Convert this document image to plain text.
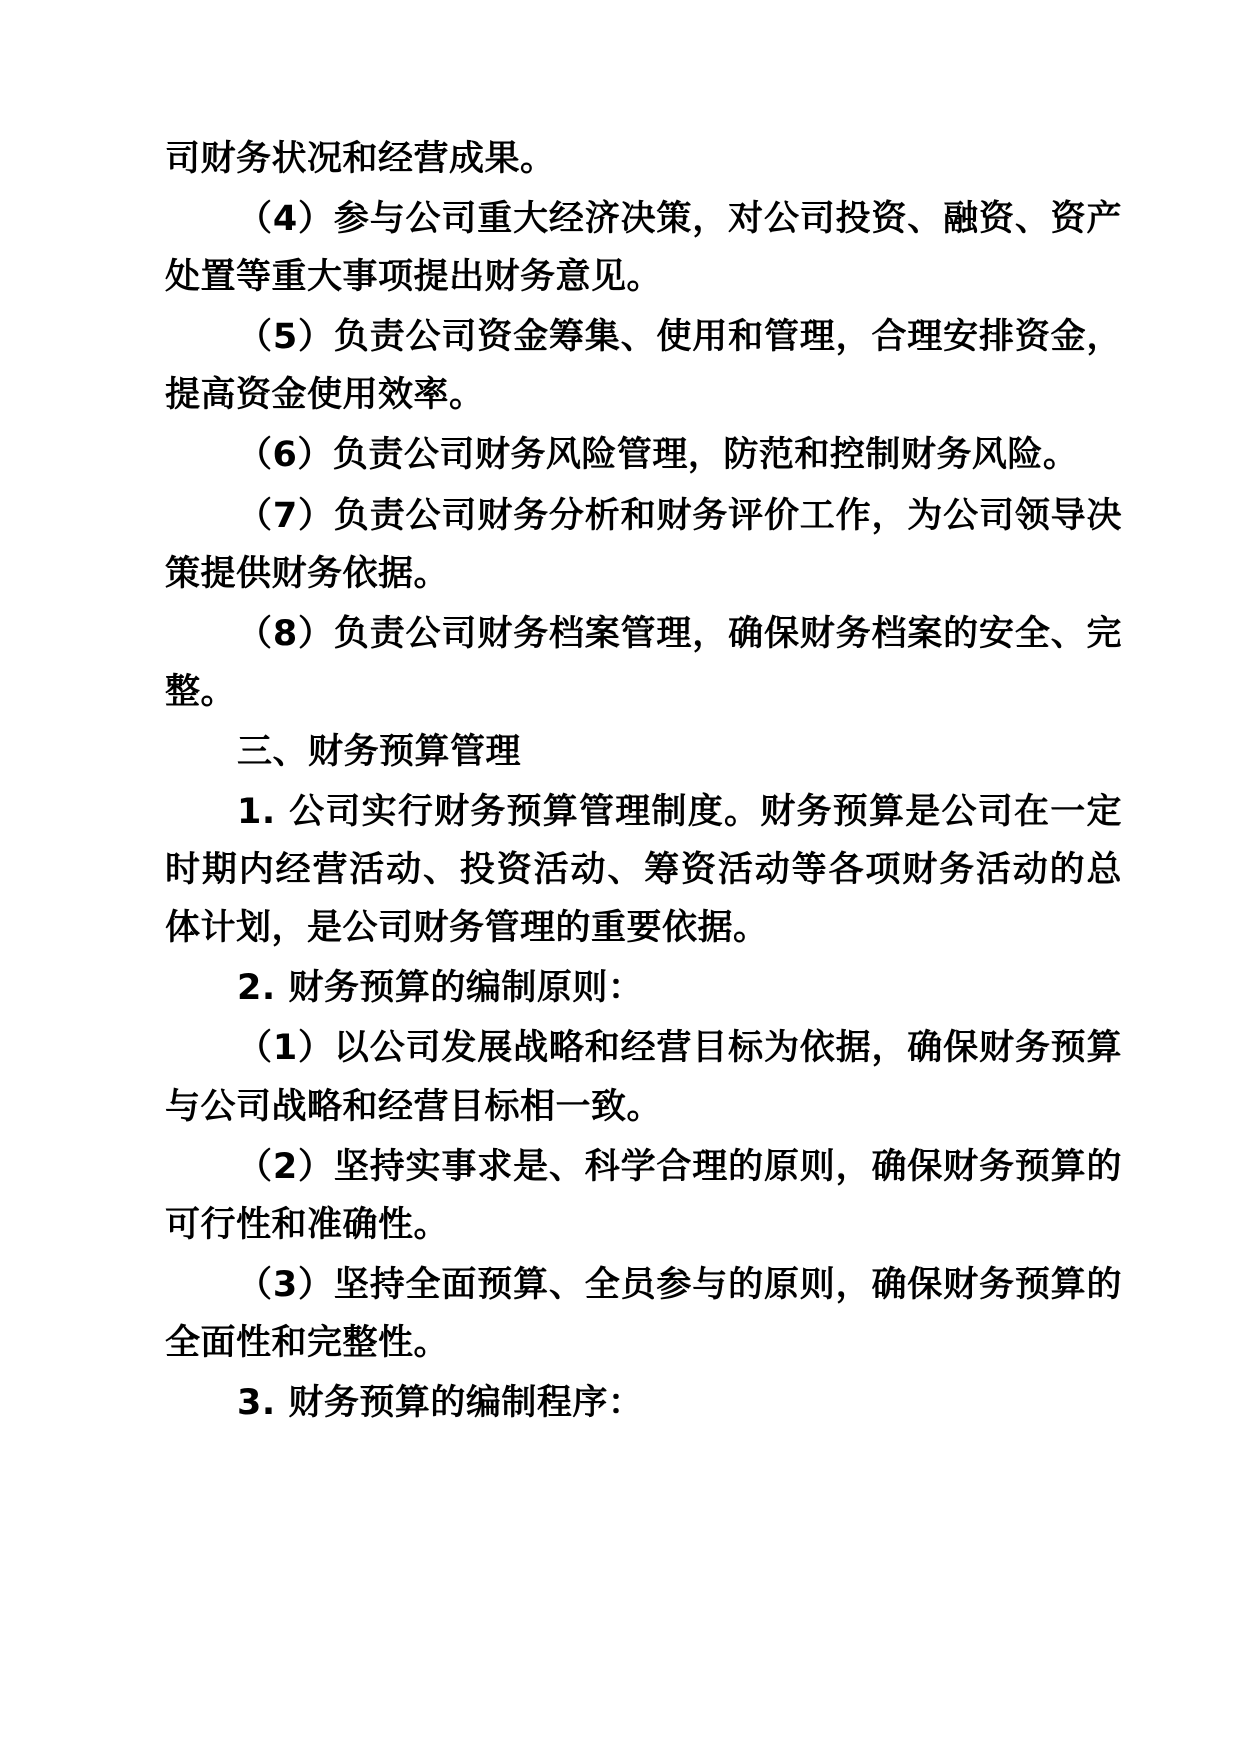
司财务状况和经营成果。

（4）参与公司重大经济决策，对公司投资、融资、资产处置等重大事项提出财务意见。

（5）负责公司资金筹集、使用和管理，合理安排资金，提高资金使用效率。

（6）负责公司财务风险管理，防范和控制财务风险。

（7）负责公司财务分析和财务评价工作，为公司领导决策提供财务依据。

（8）负责公司财务档案管理，确保财务档案的安全、完整。

三、财务预算管理

1. 公司实行财务预算管理制度。财务预算是公司在一定时期内经营活动、投资活动、筹资活动等各项财务活动的总体计划，是公司财务管理的重要依据。

2. 财务预算的编制原则：

（1）以公司发展战略和经营目标为依据，确保财务预算与公司战略和经营目标相一致。

（2）坚持实事求是、科学合理的原则，确保财务预算的可行性和准确性。

（3）坚持全面预算、全员参与的原则，确保财务预算的全面性和完整性。

3. 财务预算的编制程序：
